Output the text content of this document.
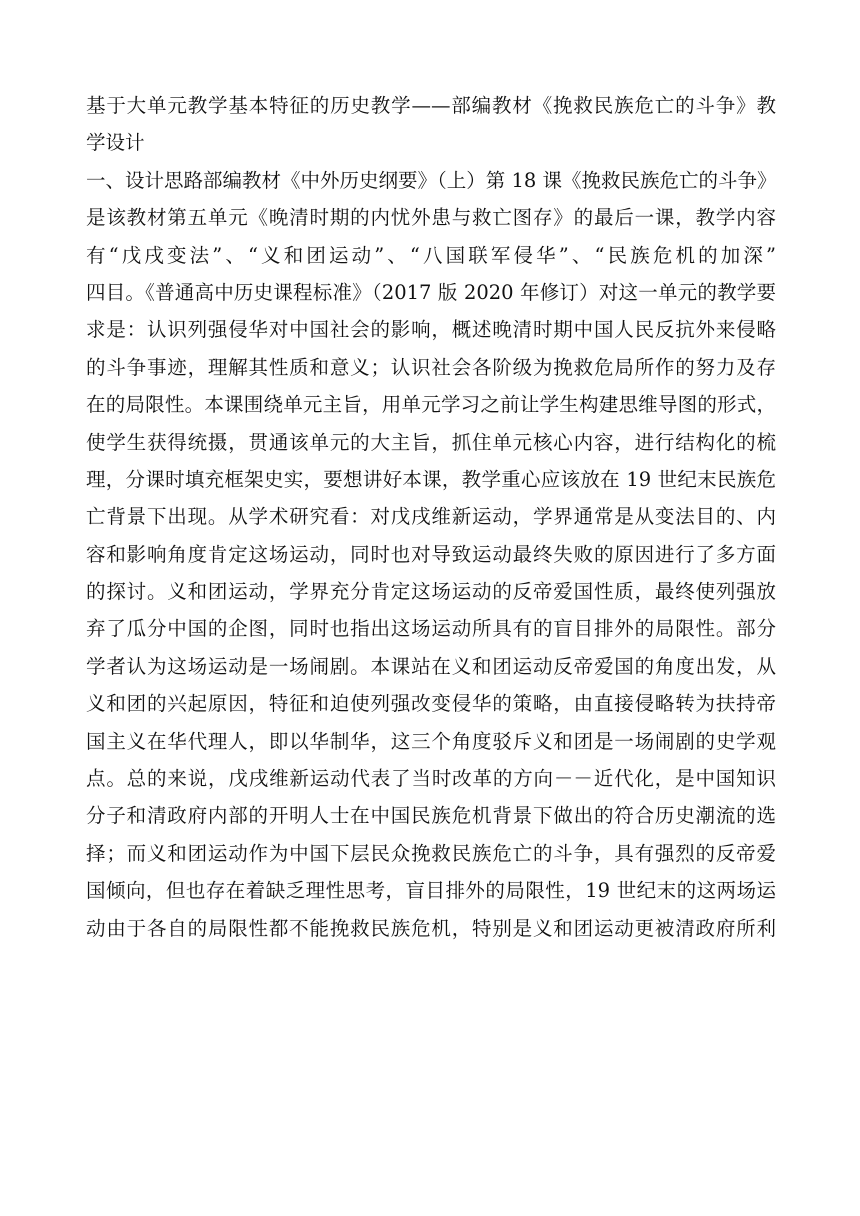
基于大单元教学基本特征的历史教学——部编教材《挽救民族危亡的斗争》教
学设计
一、设计思路部编教材《中外历史纲要》（上）第 18 课《挽救民族危亡的斗争》
是该教材第五单元《晚清时期的内忧外患与救亡图存》的最后一课，教学内容
有“戊戌变法”、“义和团运动”、“八国联军侵华”、“民族危机的加深”
四目。《普通高中历史课程标准》（2017 版 2020 年修订）对这一单元的教学要
求是：认识列强侵华对中国社会的影响，概述晚清时期中国人民反抗外来侵略
的斗争事迹，理解其性质和意义；认识社会各阶级为挽救危局所作的努力及存
在的局限性。本课围绕单元主旨，用单元学习之前让学生构建思维导图的形式，
使学生获得统摄，贯通该单元的大主旨，抓住单元核心内容，进行结构化的梳
理，分课时填充框架史实，要想讲好本课，教学重心应该放在 19 世纪末民族危
亡背景下出现。从学术研究看：对戊戌维新运动，学界通常是从变法目的、内
容和影响角度肯定这场运动，同时也对导致运动最终失败的原因进行了多方面
的探讨。义和团运动，学界充分肯定这场运动的反帝爱国性质，最终使列强放
弃了瓜分中国的企图，同时也指出这场运动所具有的盲目排外的局限性。部分
学者认为这场运动是一场闹剧。本课站在义和团运动反帝爱国的角度出发，从
义和团的兴起原因，特征和迫使列强改变侵华的策略，由直接侵略转为扶持帝
国主义在华代理人，即以华制华，这三个角度驳斥义和团是一场闹剧的史学观
点。总的来说，戊戌维新运动代表了当时改革的方向－－近代化，是中国知识
分子和清政府内部的开明人士在中国民族危机背景下做出的符合历史潮流的选
择；而义和团运动作为中国下层民众挽救民族危亡的斗争，具有强烈的反帝爱
国倾向，但也存在着缺乏理性思考，盲目排外的局限性，19 世纪末的这两场运
动由于各自的局限性都不能挽救民族危机，特别是义和团运动更被清政府所利
